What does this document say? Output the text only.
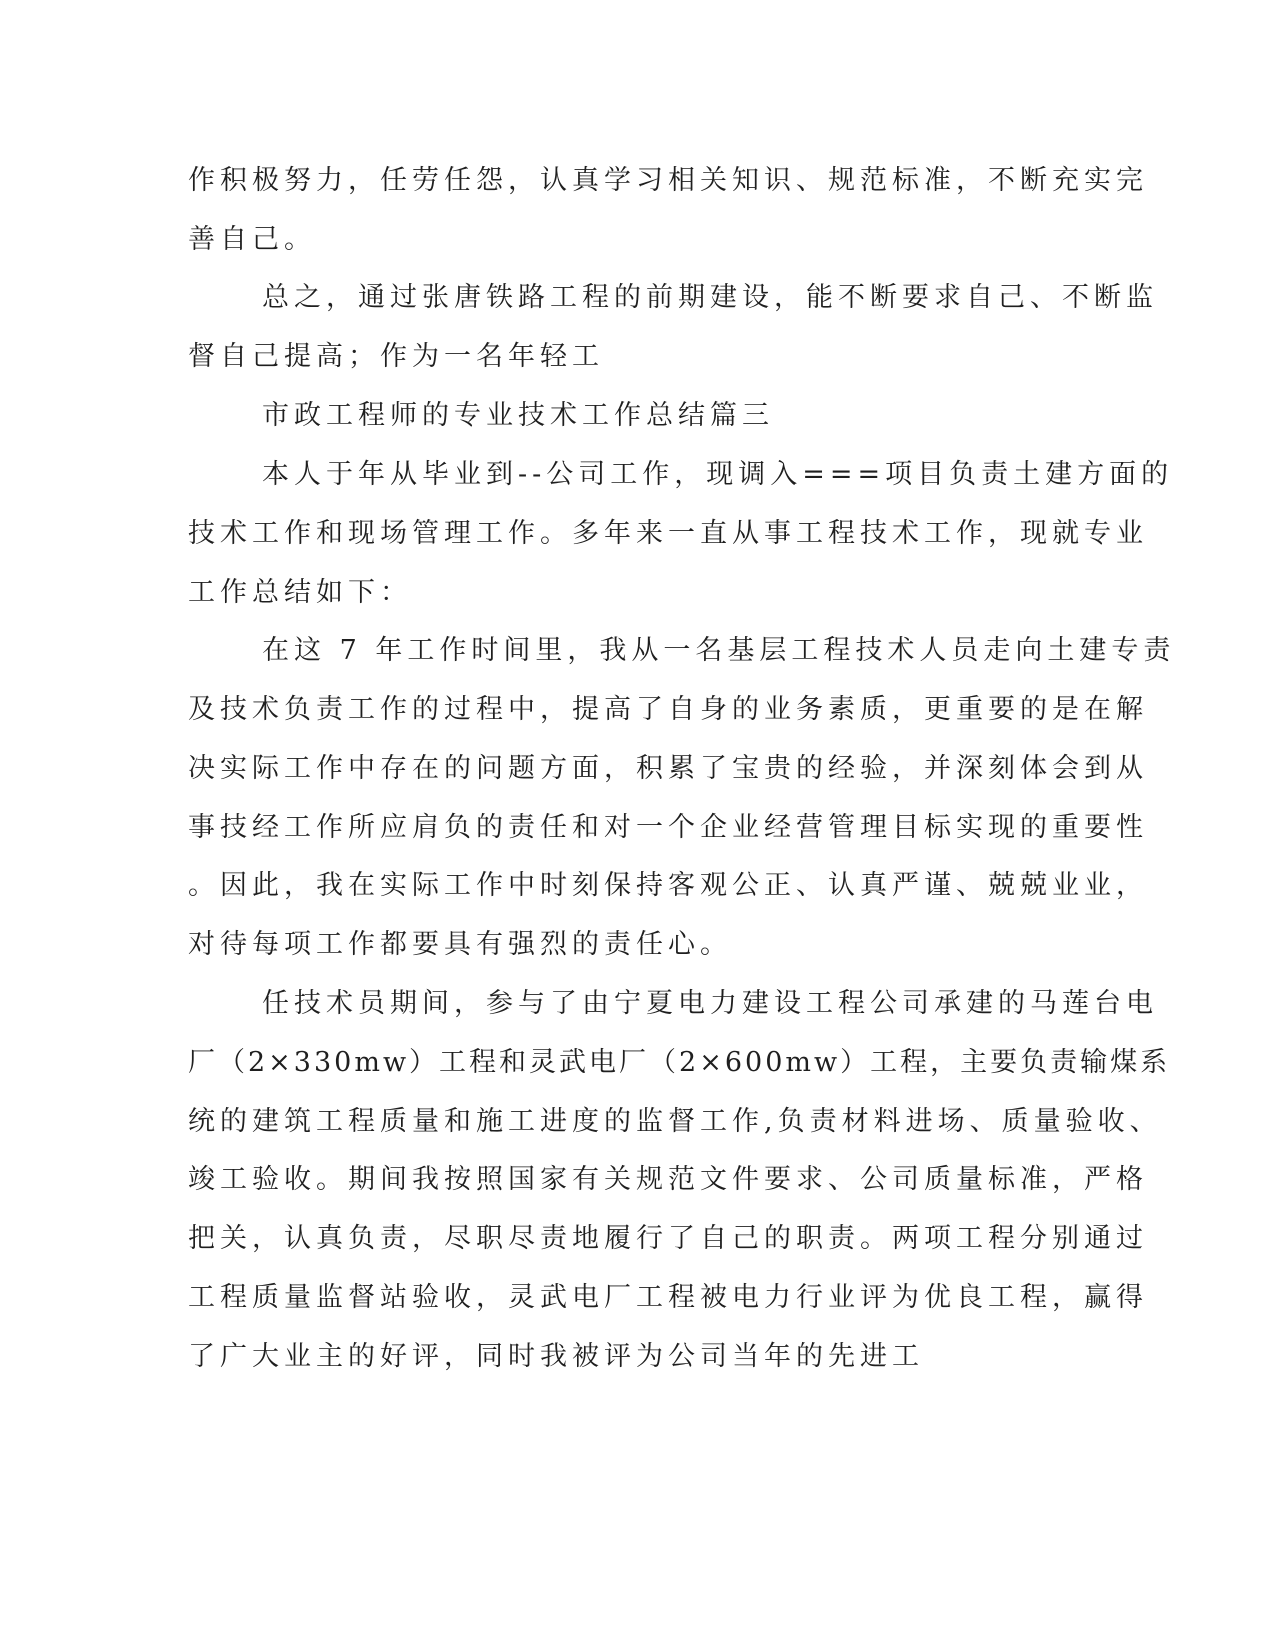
作积极努力，任劳任怨，认真学习相关知识、规范标准，不断充实完

善自己。

总之，通过张唐铁路工程的前期建设，能不断要求自己、不断监

督自己提高；作为一名年轻工

市政工程师的专业技术工作总结篇三

本人于年从毕业到--公司工作，现调入===项目负责土建方面的

技术工作和现场管理工作。多年来一直从事工程技术工作，现就专业

工作总结如下：

在这 7 年工作时间里，我从一名基层工程技术人员走向土建专责

及技术负责工作的过程中，提高了自身的业务素质，更重要的是在解

决实际工作中存在的问题方面，积累了宝贵的经验，并深刻体会到从

事技经工作所应肩负的责任和对一个企业经营管理目标实现的重要性

。因此，我在实际工作中时刻保持客观公正、认真严谨、兢兢业业，

对待每项工作都要具有强烈的责任心。

任技术员期间，参与了由宁夏电力建设工程公司承建的马莲台电

厂（2×330mw）工程和灵武电厂（2×600mw）工程，主要负责输煤系

统的建筑工程质量和施工进度的监督工作,负责材料进场、质量验收、

竣工验收。期间我按照国家有关规范文件要求、公司质量标准，严格

把关，认真负责，尽职尽责地履行了自己的职责。两项工程分别通过

工程质量监督站验收，灵武电厂工程被电力行业评为优良工程，赢得

了广大业主的好评，同时我被评为公司当年的先进工
